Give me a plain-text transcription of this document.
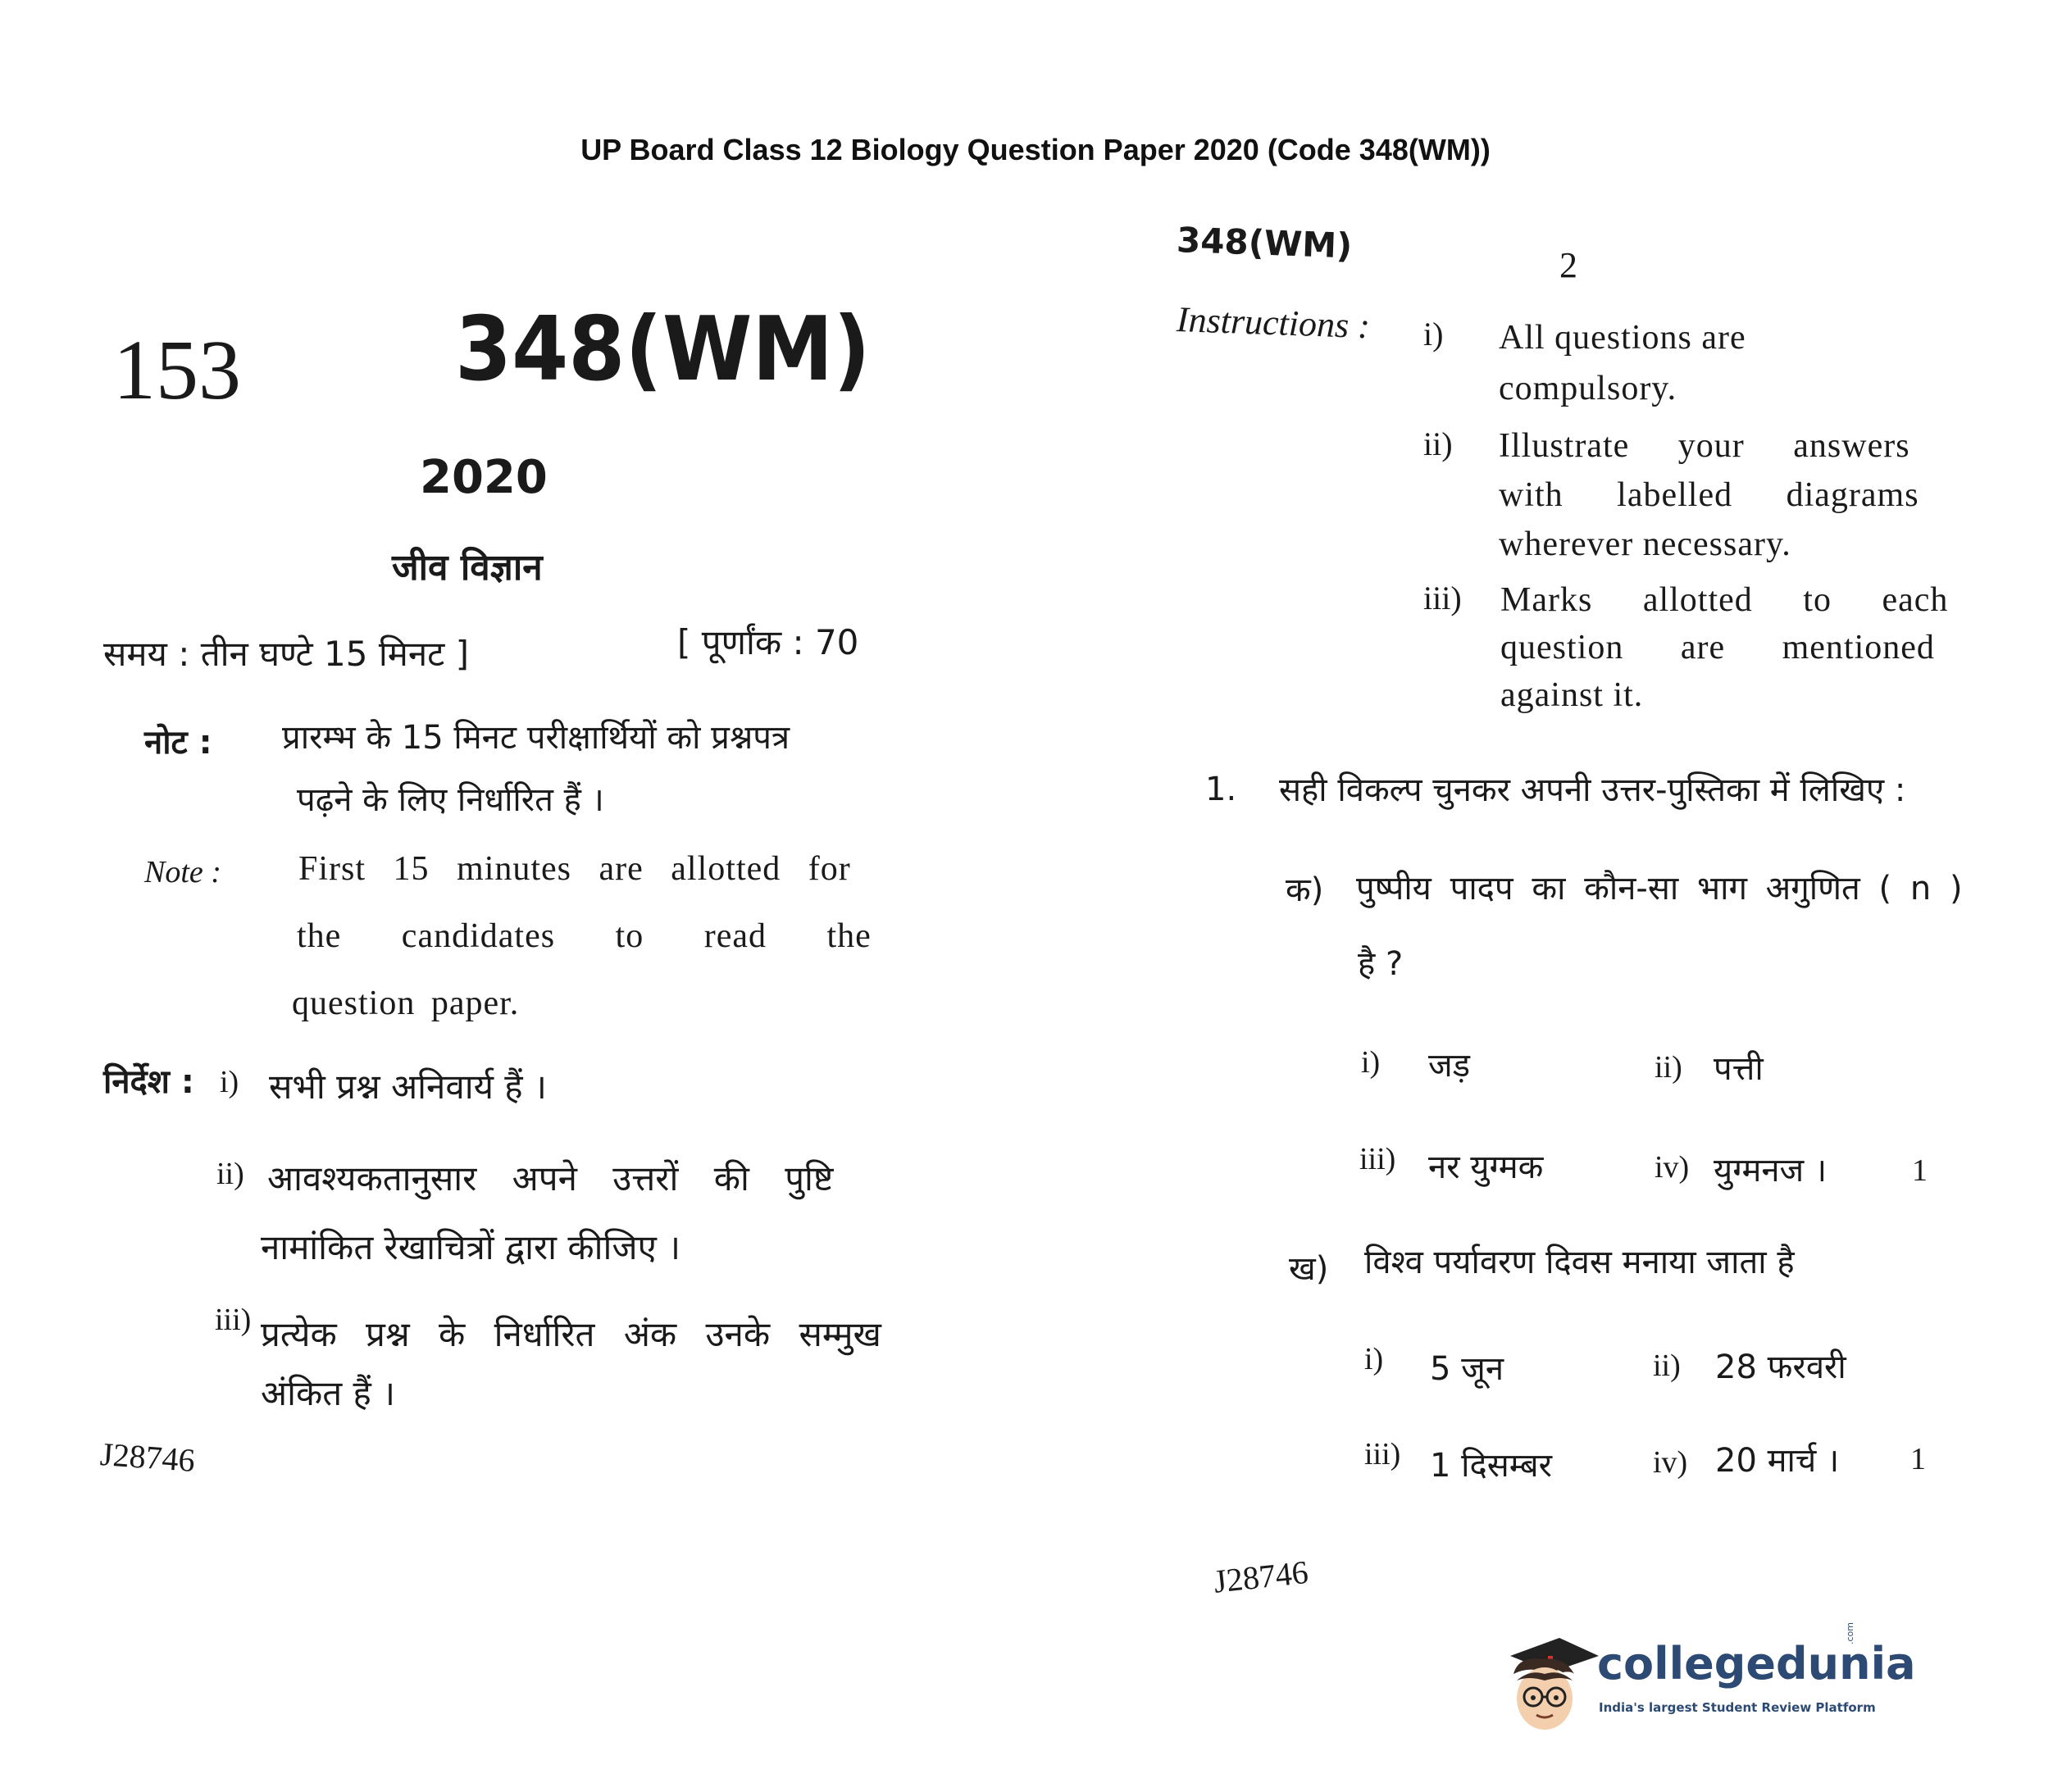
UP Board Class 12 Biology Question Paper 2020 (Code 348(WM))
153 348(WM)
2020
जीव विज्ञान
समय : तीन घण्टे 15 मिनट ]	[ पूर्णांक : 70
नोट : प्रारम्भ के 15 मिनट परीक्षार्थियों को प्रश्नपत्र
पढ़ने के लिए निर्धारित हैं ।
Note : First 15 minutes are allotted for
the candidates to read the
question paper.
निर्देश : i) सभी प्रश्न अनिवार्य हैं ।
ii) आवश्यकतानुसार अपने उत्तरों की पुष्टि
नामांकित रेखाचित्रों द्वारा कीजिए ।
iii) प्रत्येक प्रश्न के निर्धारित अंक उनके सम्मुख
अंकित हैं ।
J28746
348(WM)	2
Instructions : i) All questions are
compulsory.
ii) Illustrate your answers
with labelled diagrams
wherever necessary.
iii) Marks allotted to each
question are mentioned
against it.
1. सही विकल्प चुनकर अपनी उत्तर-पुस्तिका में लिखिए :
क) पुष्पीय पादप का कौन-सा भाग अगुणित ( n )
है ?
i) जड़	ii) पत्ती
iii) नर युग्मक	iv) युग्मनज ।	1
ख) विश्व पर्यावरण दिवस मनाया जाता है
i) 5 जून	ii) 28 फरवरी
iii) 1 दिसम्बर	iv) 20 मार्च । 1
J28746
collegedunia
.com
India's largest Student Review Platform
